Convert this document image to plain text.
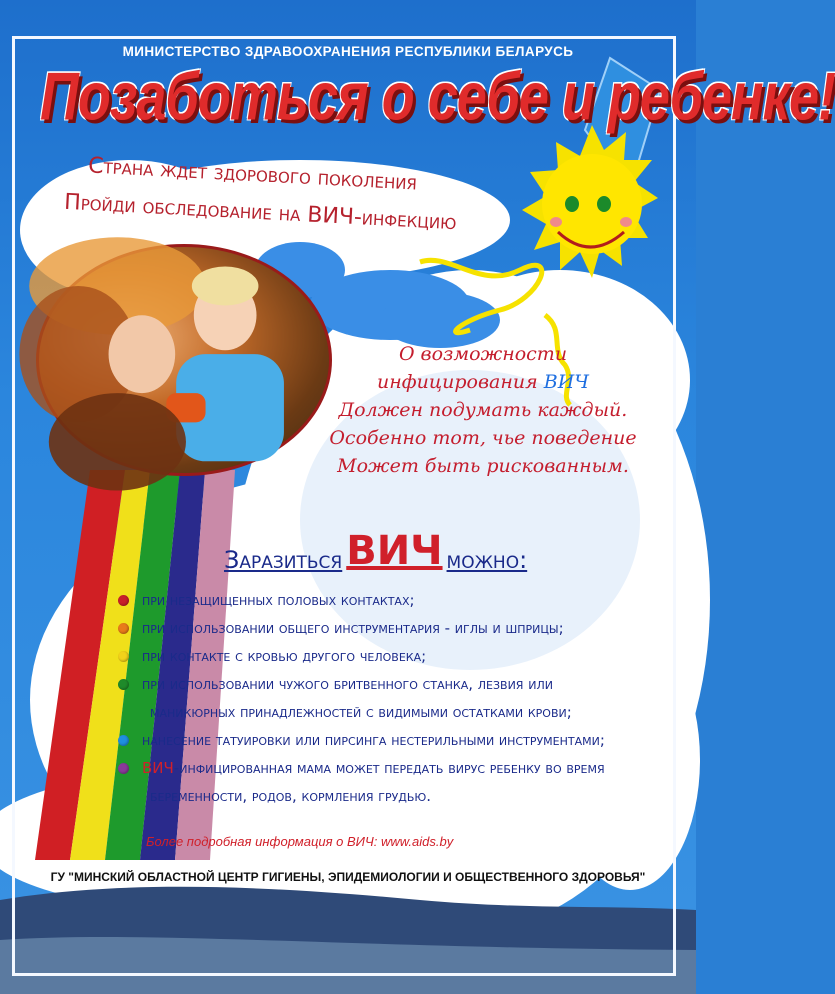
МИНИСТЕРСТВО ЗДРАВООХРАНЕНИЯ РЕСПУБЛИКИ БЕЛАРУСЬ
Позаботься о себе и ребенке!
Страна ждет здорового поколения
Пройди обследование на ВИЧ-инфекцию
О возможности
инфицирования ВИЧ
Должен подумать каждый.
Особенно тот, чье поведение
Может быть рискованным.
Заразиться ВИЧ можно:
при незащищенных половых контактах;
при использовании общего инструментария - иглы и шприцы;
при контакте с кровью другого человека;
при использовании чужого бритвенного станка, лезвия или
маникюрных принадлежностей с видимыми остатками крови;
нанесение татуировки или пирсинга нестерильными инструментами;
ВИЧ-инфицированная мама может передать вирус ребенку во время
беременности, родов, кормления грудью.
Более подробная информация о ВИЧ: www.aids.by
ГУ "МИНСКИЙ ОБЛАСТНОЙ ЦЕНТР ГИГИЕНЫ, ЭПИДЕМИОЛОГИИ И ОБЩЕСТВЕННОГО ЗДОРОВЬЯ"
